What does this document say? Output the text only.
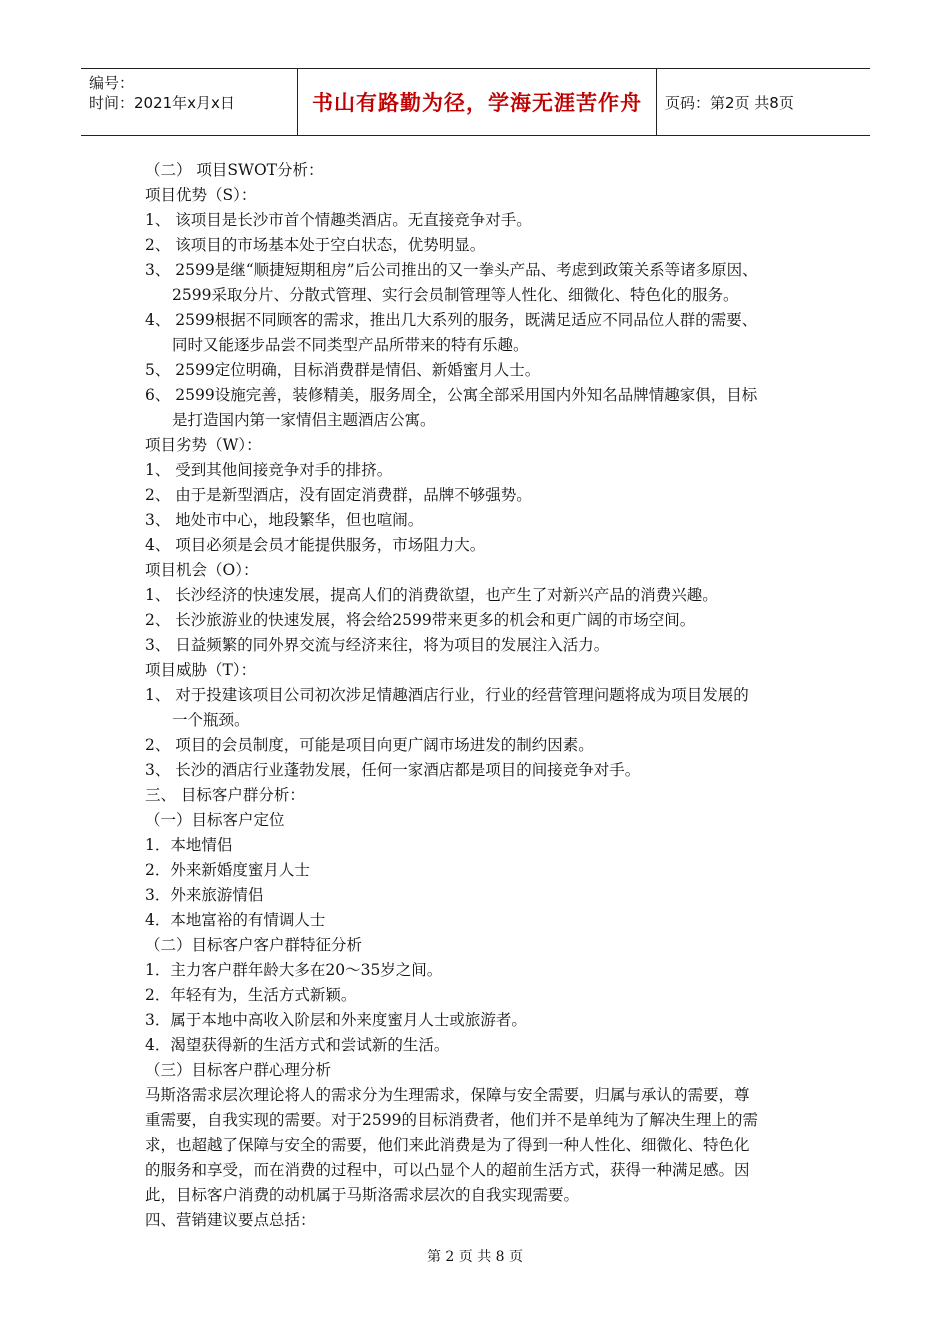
编号：
时间：2021年x月x日	书山有路勤为径，学海无涯苦作舟	页码：第2页 共8页
（二） 项目SWOT分析：
项目优势（S）：
1、 该项目是长沙市首个情趣类酒店。无直接竞争对手。
2、 该项目的市场基本处于空白状态，优势明显。
3、 2599是继“顺捷短期租房”后公司推出的又一拳头产品、考虑到政策关系等诸多原因、
2599采取分片、分散式管理、实行会员制管理等人性化、细微化、特色化的服务。
4、 2599根据不同顾客的需求，推出几大系列的服务，既满足适应不同品位人群的需要、
同时又能逐步品尝不同类型产品所带来的特有乐趣。
5、 2599定位明确，目标消费群是情侣、新婚蜜月人士。
6、 2599设施完善，装修精美，服务周全，公寓全部采用国内外知名品牌情趣家俱，目标
是打造国内第一家情侣主题酒店公寓。
项目劣势（W）：
1、 受到其他间接竞争对手的排挤。
2、 由于是新型酒店，没有固定消费群，品牌不够强势。
3、 地处市中心，地段繁华，但也喧闹。
4、 项目必须是会员才能提供服务，市场阻力大。
项目机会（O）：
1、 长沙经济的快速发展，提高人们的消费欲望，也产生了对新兴产品的消费兴趣。
2、 长沙旅游业的快速发展，将会给2599带来更多的机会和更广阔的市场空间。
3、 日益频繁的同外界交流与经济来往，将为项目的发展注入活力。
项目威胁（T）：
1、 对于投建该项目公司初次涉足情趣酒店行业，行业的经营管理问题将成为项目发展的
一个瓶颈。
2、 项目的会员制度，可能是项目向更广阔市场进发的制约因素。
3、 长沙的酒店行业蓬勃发展，任何一家酒店都是项目的间接竞争对手。
三、 目标客户群分析：
（一）目标客户定位
1．本地情侣
2．外来新婚度蜜月人士
3．外来旅游情侣
4．本地富裕的有情调人士
（二）目标客户客户群特征分析
1．主力客户群年龄大多在20～35岁之间。
2．年轻有为，生活方式新颖。
3．属于本地中高收入阶层和外来度蜜月人士或旅游者。
4．渴望获得新的生活方式和尝试新的生活。
（三）目标客户群心理分析
马斯洛需求层次理论将人的需求分为生理需求，保障与安全需要，归属与承认的需要，尊
重需要，自我实现的需要。对于2599的目标消费者，他们并不是单纯为了解决生理上的需
求，也超越了保障与安全的需要，他们来此消费是为了得到一种人性化、细微化、特色化
的服务和享受，而在消费的过程中，可以凸显个人的超前生活方式，获得一种满足感。因
此，目标客户消费的动机属于马斯洛需求层次的自我实现需要。
四、营销建议要点总括：
第 2 页 共 8 页
